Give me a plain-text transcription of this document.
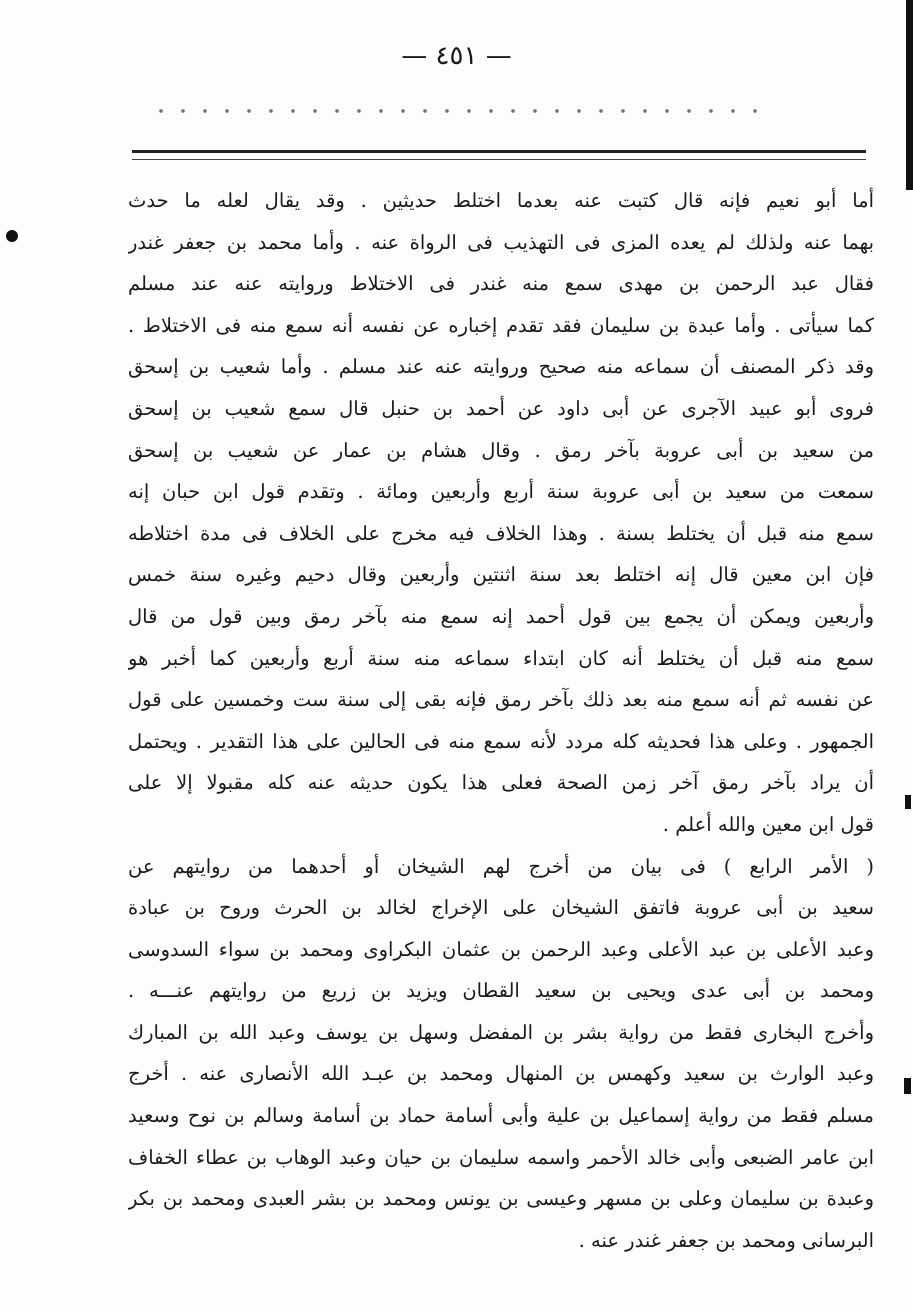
— ٤٥١ —
أما أبو نعيم فإنه قال كتبت عنه بعدما اختلط حديثين . وقد يقال لعله ما حدث
بهما عنه ولذلك لم يعده المزى فى التهذيب فى الرواة عنه . وأما محمد بن جعفر غندر
فقال عبد الرحمن بن مهدى سمع منه غندر فى الاختلاط وروايته عنه عند مسلم
كما سيأتى . وأما عبدة بن سليمان فقد تقدم إخباره عن نفسه أنه سمع منه فى الاختلاط .
وقد ذكر المصنف أن سماعه منه صحيح وروايته عنه عند مسلم . وأما شعيب بن إسحق
فروى أبو عبيد الآجرى عن أبى داود عن أحمد بن حنبل قال سمع شعيب بن إسحق
من سعيد بن أبى عروبة بآخر رمق . وقال هشام بن عمار عن شعيب بن إسحق
سمعت من سعيد بن أبى عروبة سنة أربع وأربعين ومائة . وتقدم قول ابن حبان إنه
سمع منه قبل أن يختلط بسنة . وهذا الخلاف فيه مخرج على الخلاف فى مدة اختلاطه
فإن ابن معين قال إنه اختلط بعد سنة اثنتين وأربعين وقال دحيم وغيره سنة خمس
وأربعين ويمكن أن يجمع بين قول أحمد إنه سمع منه بآخر رمق وبين قول من قال
سمع منه قبل أن يختلط أنه كان ابتداء سماعه منه سنة أربع وأربعين كما أخبر هو
عن نفسه ثم أنه سمع منه بعد ذلك بآخر رمق فإنه بقى إلى سنة ست وخمسين على قول
الجمهور . وعلى هذا فحديثه كله مردد لأنه سمع منه فى الحالين على هذا التقدير . ويحتمل
أن يراد بآخر رمق آخر زمن الصحة فعلى هذا يكون حديثه عنه كله مقبولا إلا على
قول ابن معين والله أعلم .
( الأمر الرابع ) فى بيان من أخرج لهم الشيخان أو أحدهما من روايتهم عن
سعيد بن أبى عروبة فاتفق الشيخان على الإخراج لخالد بن الحرث وروح بن عبادة
وعبد الأعلى بن عبد الأعلى وعبد الرحمن بن عثمان البكراوى ومحمد بن سواء السدوسى
ومحمد بن أبى عدى ويحيى بن سعيد القطان ويزيد بن زريع من روايتهم عنـــه .
وأخرج البخارى فقط من رواية بشر بن المفضل وسهل بن يوسف وعبد الله بن المبارك
وعبد الوارث بن سعيد وكهمس بن المنهال ومحمد بن عبـد الله الأنصارى عنه . أخرج
مسلم فقط من رواية إسماعيل بن علية وأبى أسامة حماد بن أسامة وسالم بن نوح وسعيد
ابن عامر الضبعى وأبى خالد الأحمر واسمه سليمان بن حيان وعبد الوهاب بن عطاء الخفاف
وعبدة بن سليمان وعلى بن مسهر وعيسى بن يونس ومحمد بن بشر العبدى ومحمد بن بكر
البرسانى ومحمد بن جعفر غندر عنه .
